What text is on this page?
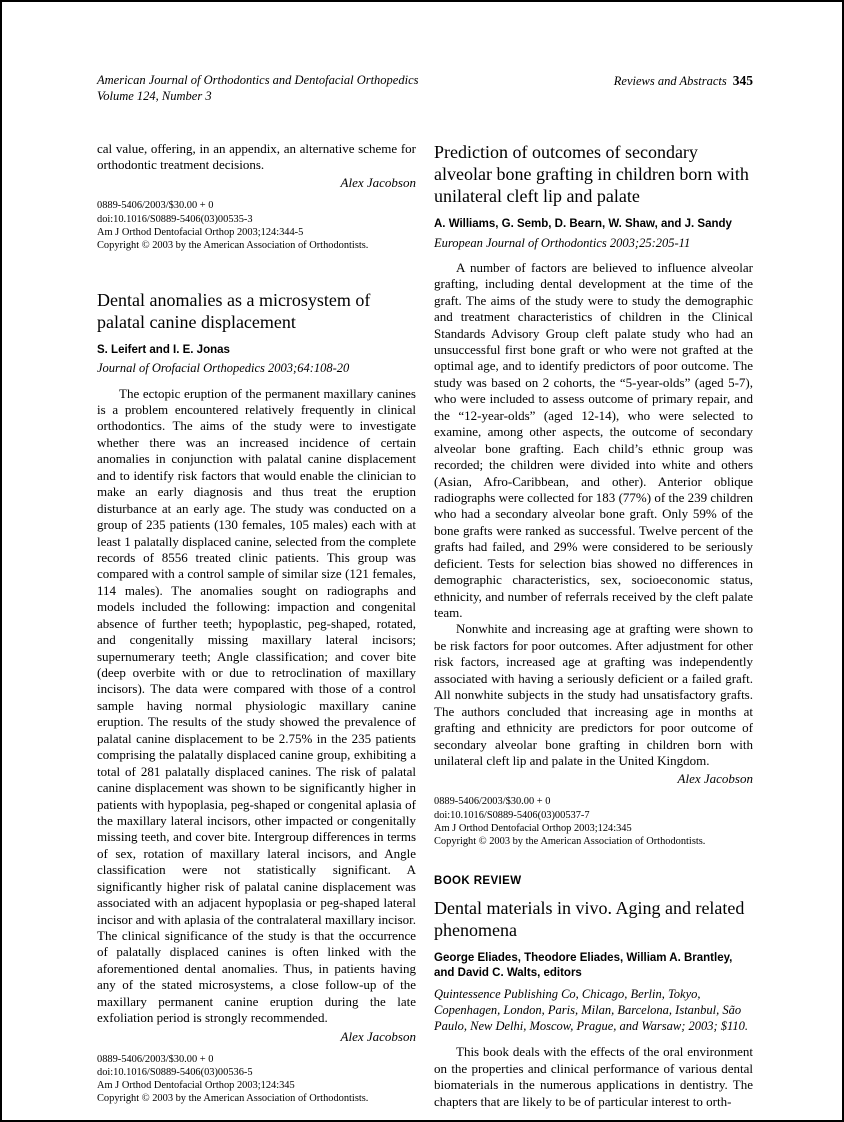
American Journal of Orthodontics and Dentofacial Orthopedics
Volume 124, Number 3
Reviews and Abstracts 345

cal value, offering, in an appendix, an alternative scheme for orthodontic treatment decisions.

Alex Jacobson
0889-5406/2003/$30.00 + 0
doi:10.1016/S0889-5406(03)00535-3
Am J Orthod Dentofacial Orthop 2003;124:344-5
Copyright © 2003 by the American Association of Orthodontists.
Dental anomalies as a microsystem of palatal canine displacement
S. Leifert and I. E. Jonas
Journal of Orofacial Orthopedics 2003;64:108-20

The ectopic eruption of the permanent maxillary canines is a problem encountered relatively frequently in clinical orthodontics. The aims of the study were to investigate whether there was an increased incidence of certain anomalies in conjunction with palatal canine displacement and to identify risk factors that would enable the clinician to make an early diagnosis and thus treat the eruption disturbance at an early age. The study was conducted on a group of 235 patients (130 females, 105 males) each with at least 1 palatally displaced canine, selected from the complete records of 8556 treated clinic patients. This group was compared with a control sample of similar size (121 females, 114 males). The anomalies sought on radiographs and models included the following: impaction and congenital absence of further teeth; hypoplastic, peg-shaped, rotated, and congenitally missing maxillary lateral incisors; supernumerary teeth; Angle classification; and cover bite (deep overbite with or due to retroclination of maxillary incisors). The data were compared with those of a control sample having normal physiologic maxillary canine eruption. The results of the study showed the prevalence of palatal canine displacement to be 2.75% in the 235 patients comprising the palatally displaced canine group, exhibiting a total of 281 palatally displaced canines. The risk of palatal canine displacement was shown to be significantly higher in patients with hypoplasia, peg-shaped or congenital aplasia of the maxillary lateral incisors, other impacted or congenitally missing teeth, and cover bite. Intergroup differences in terms of sex, rotation of maxillary lateral incisors, and Angle classification were not statistically significant. A significantly higher risk of palatal canine displacement was associated with an adjacent hypoplasia or peg-shaped lateral incisor and with aplasia of the contralateral maxillary incisor. The clinical significance of the study is that the occurrence of palatally displaced canines is often linked with the aforementioned dental anomalies. Thus, in patients having any of the stated microsystems, a close follow-up of the maxillary permanent canine eruption during the late exfoliation period is strongly recommended.

Alex Jacobson
0889-5406/2003/$30.00 + 0
doi:10.1016/S0889-5406(03)00536-5
Am J Orthod Dentofacial Orthop 2003;124:345
Copyright © 2003 by the American Association of Orthodontists.
Prediction of outcomes of secondary alveolar bone grafting in children born with unilateral cleft lip and palate
A. Williams, G. Semb, D. Bearn, W. Shaw, and J. Sandy
European Journal of Orthodontics 2003;25:205-11

A number of factors are believed to influence alveolar grafting, including dental development at the time of the graft. The aims of the study were to study the demographic and treatment characteristics of children in the Clinical Standards Advisory Group cleft palate study who had an unsuccessful first bone graft or who were not grafted at the optimal age, and to identify predictors of poor outcome. The study was based on 2 cohorts, the “5-year-olds” (aged 5-7), who were included to assess outcome of primary repair, and the “12-year-olds” (aged 12-14), who were selected to examine, among other aspects, the outcome of secondary alveolar bone grafting. Each child’s ethnic group was recorded; the children were divided into white and others (Asian, Afro-Caribbean, and other). Anterior oblique radiographs were collected for 183 (77%) of the 239 children who had a secondary alveolar bone graft. Only 59% of the bone grafts were ranked as successful. Twelve percent of the grafts had failed, and 29% were considered to be seriously deficient. Tests for selection bias showed no differences in demographic characteristics, sex, socioeconomic status, ethnicity, and number of referrals received by the cleft palate team.

Nonwhite and increasing age at grafting were shown to be risk factors for poor outcomes. After adjustment for other risk factors, increased age at grafting was independently associated with having a seriously deficient or a failed graft. All nonwhite subjects in the study had unsatisfactory grafts. The authors concluded that increasing age in months at grafting and ethnicity are predictors for poor outcome of secondary alveolar bone grafting in children born with unilateral cleft lip and palate in the United Kingdom.

Alex Jacobson
0889-5406/2003/$30.00 + 0
doi:10.1016/S0889-5406(03)00537-7
Am J Orthod Dentofacial Orthop 2003;124:345
Copyright © 2003 by the American Association of Orthodontists.
BOOK REVIEW
Dental materials in vivo. Aging and related phenomena
George Eliades, Theodore Eliades, William A. Brantley, and David C. Walts, editors
Quintessence Publishing Co, Chicago, Berlin, Tokyo, Copenhagen, London, Paris, Milan, Barcelona, Istanbul, São Paulo, New Delhi, Moscow, Prague, and Warsaw; 2003; $110.

This book deals with the effects of the oral environment on the properties and clinical performance of various dental biomaterials in the numerous applications in dentistry. The chapters that are likely to be of particular interest to orth-
